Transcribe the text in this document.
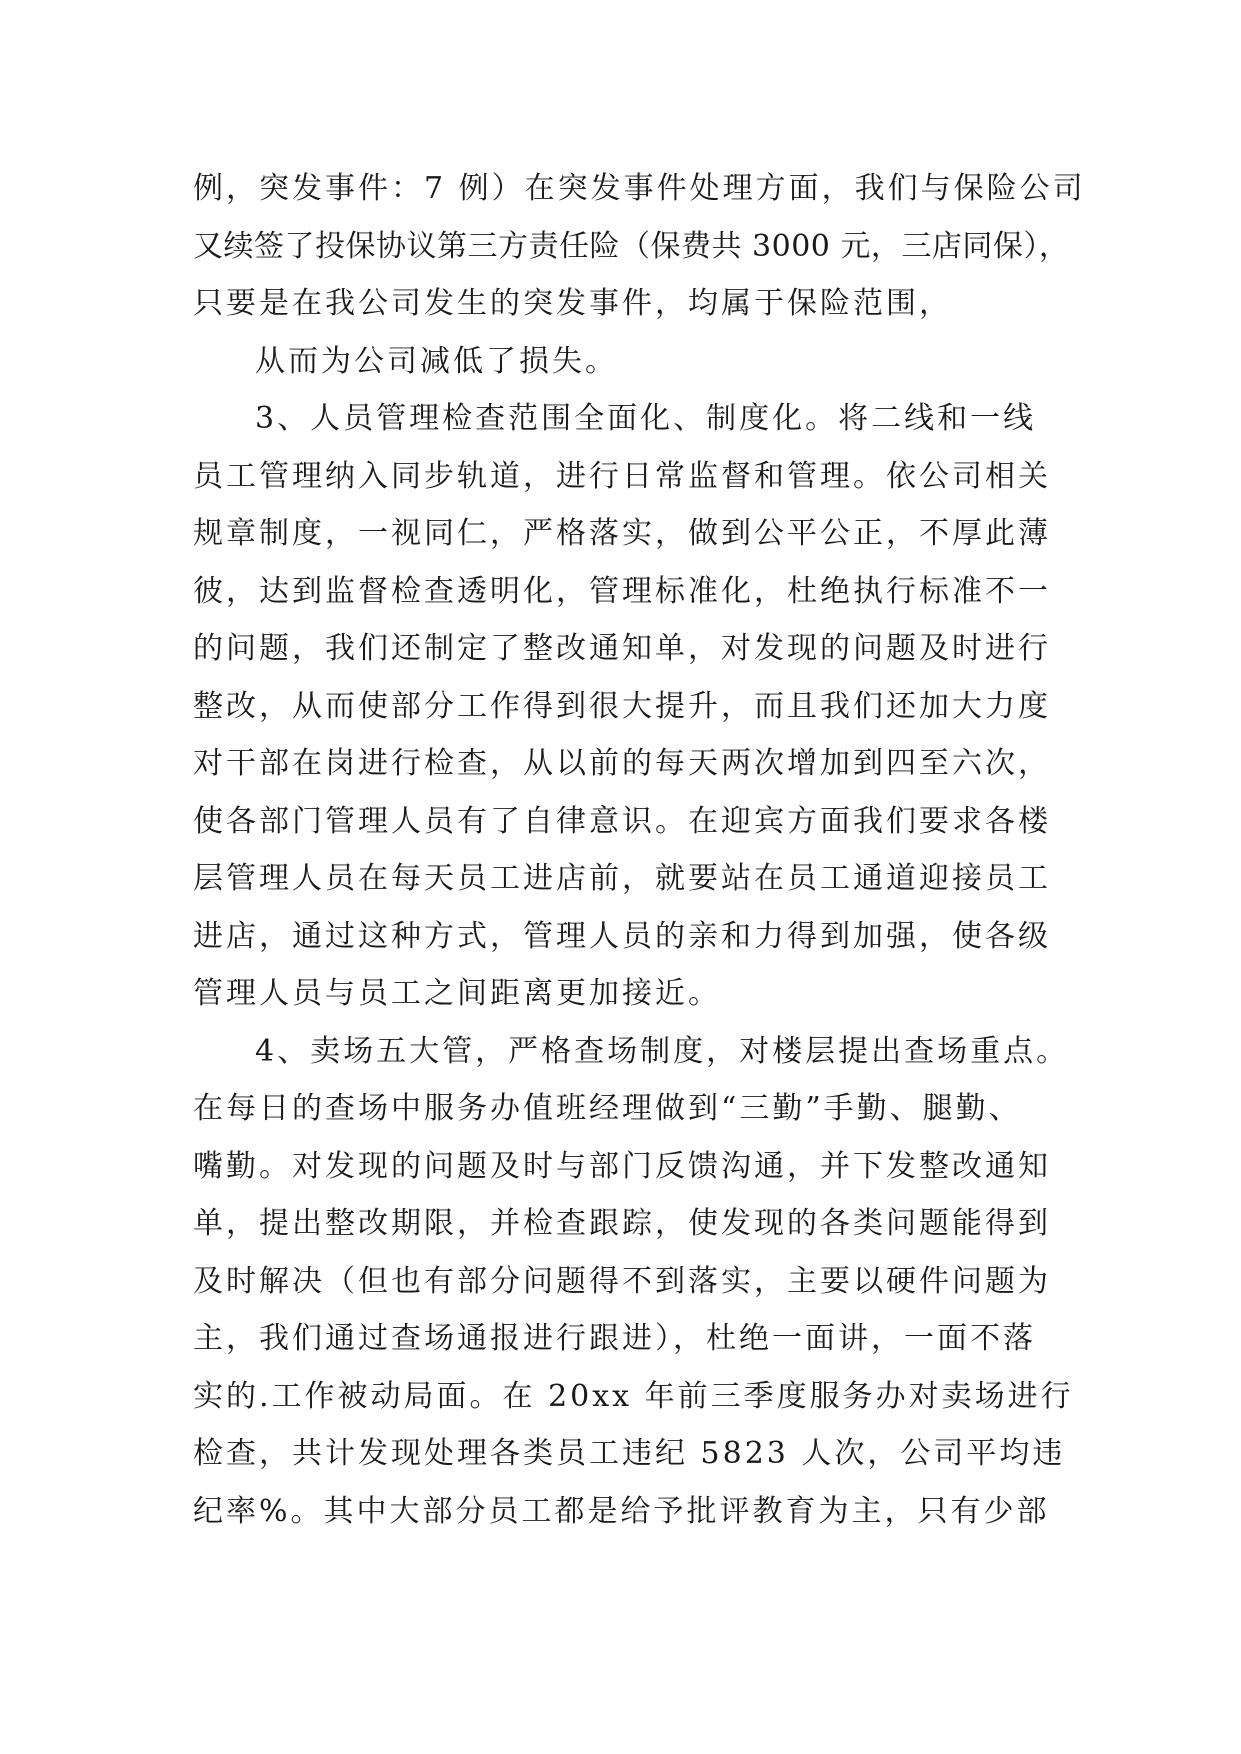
例，突发事件：7 例）在突发事件处理方面，我们与保险公司
又续签了投保协议第三方责任险（保费共 3000 元，三店同保），
只要是在我公司发生的突发事件，均属于保险范围，
从而为公司减低了损失。
3、人员管理检查范围全面化、制度化。将二线和一线
员工管理纳入同步轨道，进行日常监督和管理。依公司相关
规章制度，一视同仁，严格落实，做到公平公正，不厚此薄
彼，达到监督检查透明化，管理标准化，杜绝执行标准不一
的问题，我们还制定了整改通知单，对发现的问题及时进行
整改，从而使部分工作得到很大提升，而且我们还加大力度
对干部在岗进行检查，从以前的每天两次增加到四至六次，
使各部门管理人员有了自律意识。在迎宾方面我们要求各楼
层管理人员在每天员工进店前，就要站在员工通道迎接员工
进店，通过这种方式，管理人员的亲和力得到加强，使各级
管理人员与员工之间距离更加接近。
4、卖场五大管，严格查场制度，对楼层提出查场重点。
在每日的查场中服务办值班经理做到“三勤”手勤、腿勤、
嘴勤。对发现的问题及时与部门反馈沟通，并下发整改通知
单，提出整改期限，并检查跟踪，使发现的各类问题能得到
及时解决（但也有部分问题得不到落实，主要以硬件问题为
主，我们通过查场通报进行跟进），杜绝一面讲，一面不落
实的.工作被动局面。在 20xx 年前三季度服务办对卖场进行
检查，共计发现处理各类员工违纪 5823 人次，公司平均违
纪率%。其中大部分员工都是给予批评教育为主，只有少部
